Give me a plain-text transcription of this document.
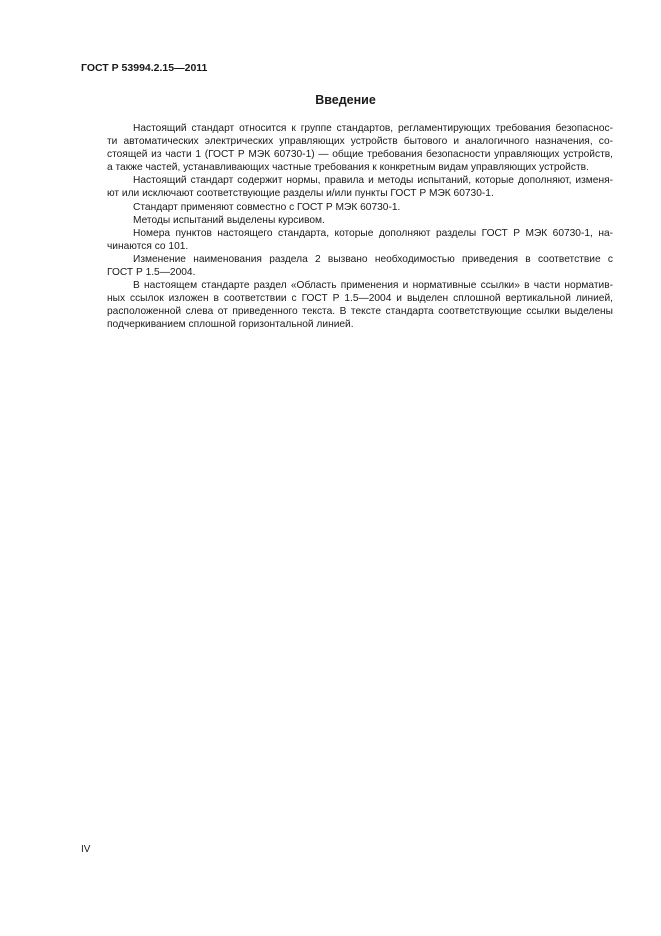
ГОСТ Р 53994.2.15—2011
Введение

Настоящий стандарт относится к группе стандартов, регламентирующих требования безопаснос-
ти автоматических электрических управляющих устройств бытового и аналогичного назначения, со-
стоящей из части 1 (ГОСТ Р МЭК 60730-1) — общие требования безопасности управляющих устройств,
а также частей, устанавливающих частные требования к конкретным видам управляющих устройств.

Настоящий стандарт содержит нормы, правила и методы испытаний, которые дополняют, изменя-
ют или исключают соответствующие разделы и/или пункты ГОСТ Р МЭК 60730-1.

Стандарт применяют совместно с ГОСТ Р МЭК 60730-1.

Методы испытаний выделены курсивом.

Номера пунктов настоящего стандарта, которые дополняют разделы ГОСТ Р МЭК 60730-1, на-
чинаются со 101.

Изменение наименования раздела 2 вызвано необходимостью приведения в соответствие с
ГОСТ Р 1.5—2004.

В настоящем стандарте раздел «Область применения и нормативные ссылки» в части норматив-
ных ссылок изложен в соответствии с ГОСТ Р 1.5—2004 и выделен сплошной вертикальной линией,
расположенной слева от приведенного текста. В тексте стандарта соответствующие ссылки выделены
подчеркиванием сплошной горизонтальной линией.

IV
